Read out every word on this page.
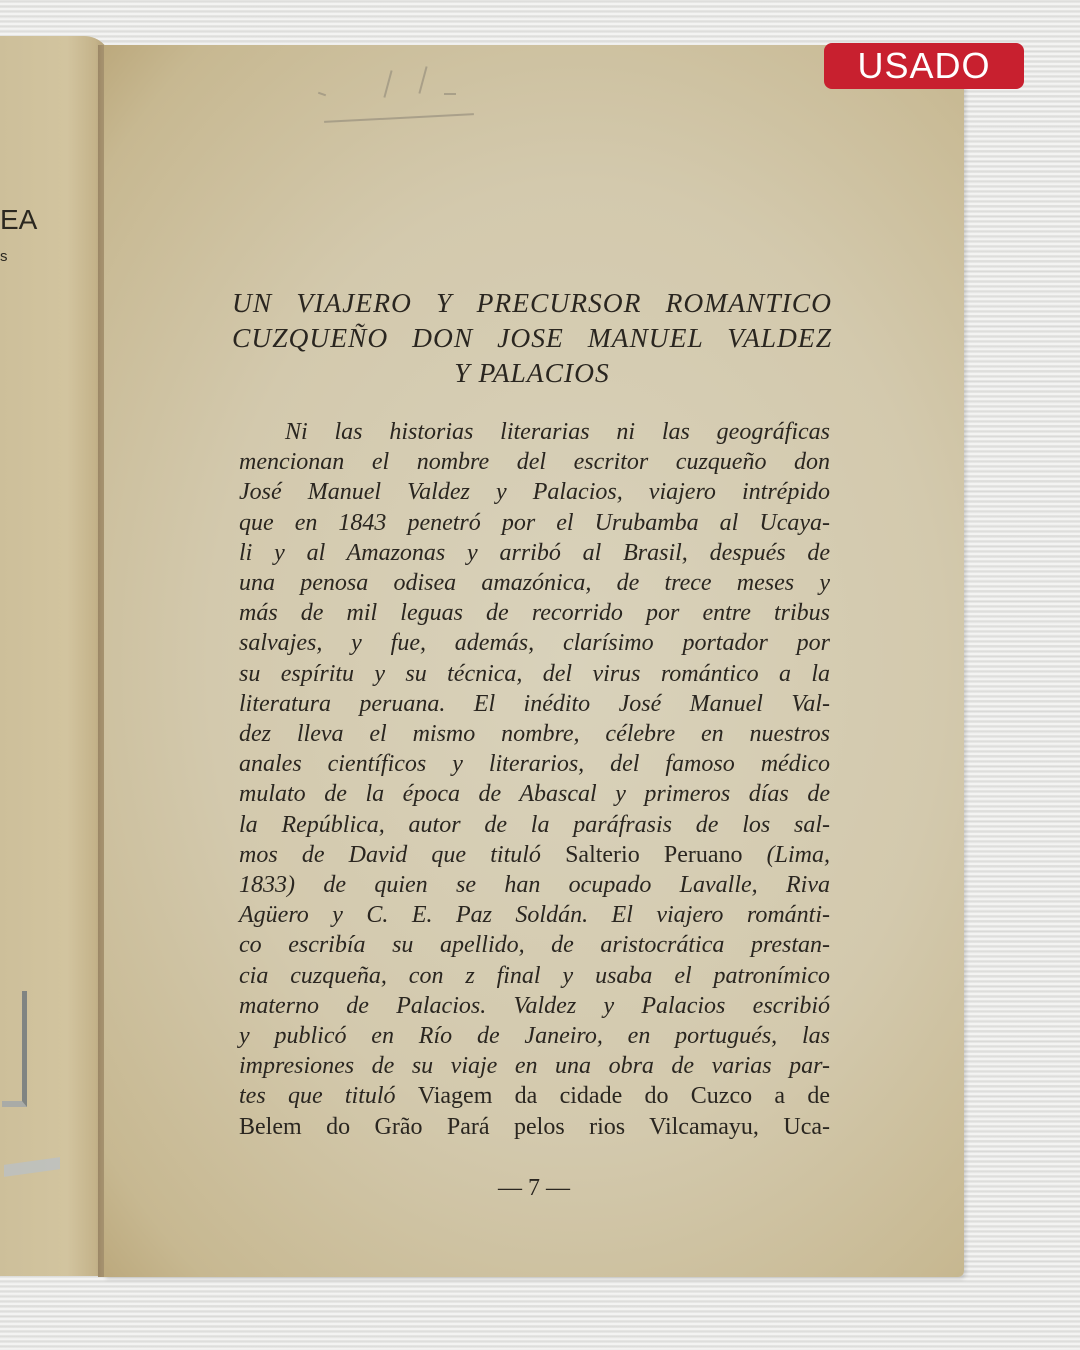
EA
s
UN VIAJERO Y PRECURSOR ROMANTICO
CUZQUEÑO DON JOSE MANUEL VALDEZ
Y PALACIOS
Ni las historias literarias ni las geográficas
mencionan el nombre del escritor cuzqueño don
José Manuel Valdez y Palacios, viajero intrépido
que en 1843 penetró por el Urubamba al Ucaya-
li y al Amazonas y arribó al Brasil, después de
una penosa odisea amazónica, de trece meses y
más de mil leguas de recorrido por entre tribus
salvajes, y fue, además, clarísimo portador por
su espíritu y su técnica, del virus romántico a la
literatura peruana. El inédito José Manuel Val-
dez lleva el mismo nombre, célebre en nuestros
anales científicos y literarios, del famoso médico
mulato de la época de Abascal y primeros días de
la República, autor de la paráfrasis de los sal-
mos de David que tituló Salterio Peruano (Lima,
1833) de quien se han ocupado Lavalle, Riva
Agüero y C. E. Paz Soldán. El viajero románti-
co escribía su apellido, de aristocrática prestan-
cia cuzqueña, con z final y usaba el patronímico
materno de Palacios. Valdez y Palacios escribió
y publicó en Río de Janeiro, en portugués, las
impresiones de su viaje en una obra de varias par-
tes que tituló Viagem da cidade do Cuzco a de
Belem do Grão Pará pelos rios Vilcamayu, Uca-
— 7 —
USADO
